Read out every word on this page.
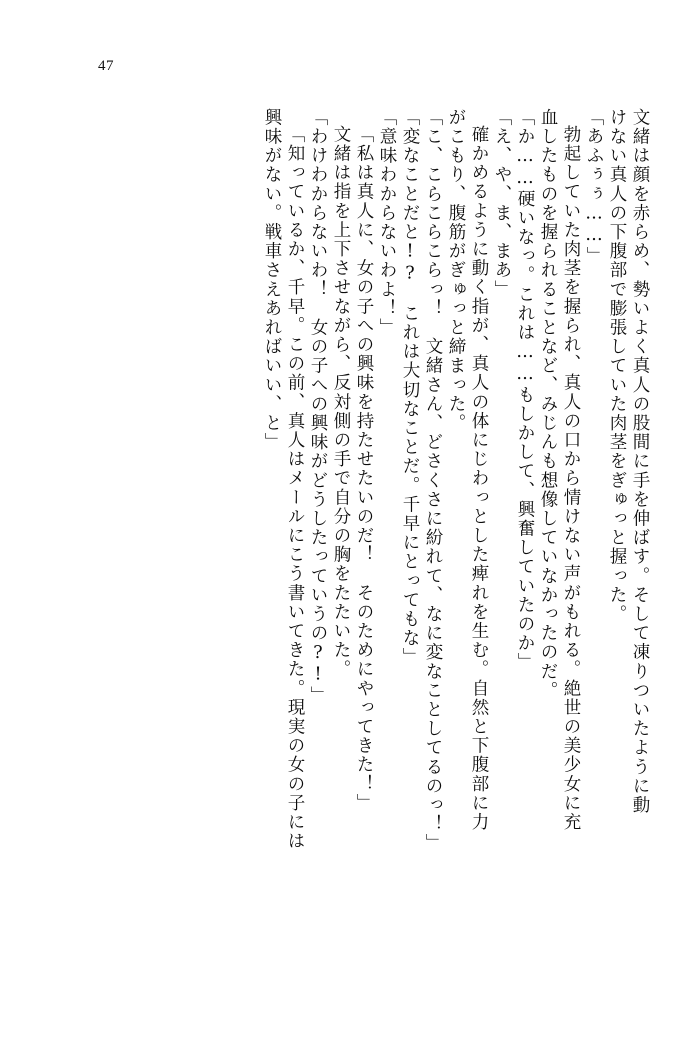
47
文緒は顔を赤らめ、勢いよく真人の股間に手を伸ばす。そして凍りついたように動
けない真人の下腹部で膨張していた肉茎をぎゅっと握った。
「あふぅぅ……」
勃起していた肉茎を握られ、真人の口から情けない声がもれる。絶世の美少女に充
血したものを握られることなど、みじんも想像していなかったのだ。
「か……硬いなっ。これは……もしかして、興奮していたのか」
「え、や、ま、まあ」
確かめるように動く指が、真人の体にじわっとした痺れを生む。自然と下腹部に力
がこもり、腹筋がぎゅっと締まった。
「こ、こらこらこらっ！　文緒さん、どさくさに紛れて、なに変なことしてるのっ！」
「変なことだと!?　これは大切なことだ。千早にとってもな」
「意味わからないわよ！」
「私は真人に、女の子への興味を持たせたいのだ！　そのためにやってきた！」
文緒は指を上下させながら、反対側の手で自分の胸をたたいた。
「わけわからないわ！　女の子への興味がどうしたっていうの?!」
「知っているか、千早。この前、真人はメールにこう書いてきた。現実の女の子には
興味がない。戦車さえあればいい、と」
